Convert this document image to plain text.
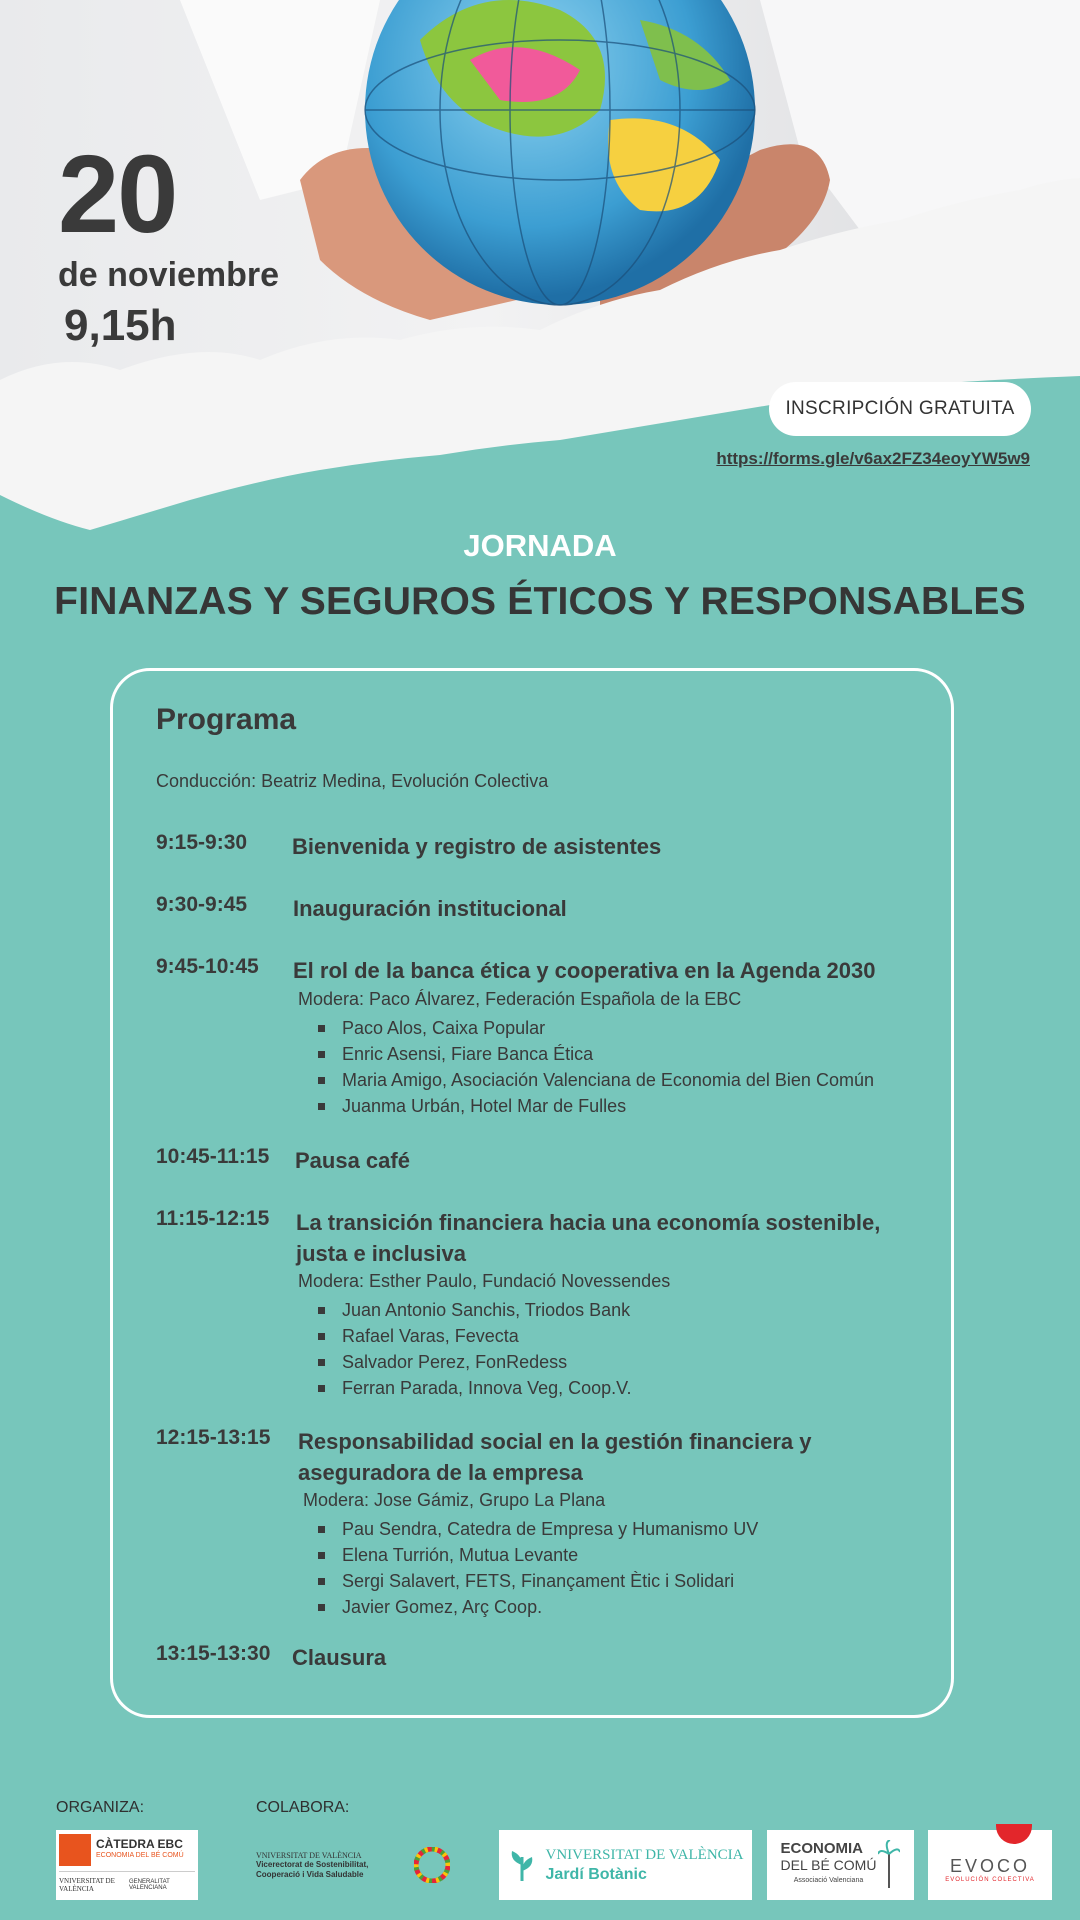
20
de noviembre
9,15h
INSCRIPCIÓN GRATUITA
https://forms.gle/v6ax2FZ34eoyYW5w9
JORNADA
FINANZAS Y SEGUROS ÉTICOS Y RESPONSABLES
Programa
Conducción: Beatriz Medina, Evolución Colectiva
9:15-9:30 Bienvenida y registro de asistentes
9:30-9:45 Inauguración institucional
9:45-10:45 El rol de la banca ética y cooperativa en la Agenda 2030
Modera: Paco Álvarez, Federación Española de la EBC
Paco Alos, Caixa Popular
Enric Asensi, Fiare Banca Ética
Maria Amigo, Asociación Valenciana de Economia del Bien Común
Juanma Urbán, Hotel Mar de Fulles
10:45-11:15 Pausa café
11:15-12:15 La transición financiera hacia una economía sostenible, justa e inclusiva
Modera: Esther Paulo, Fundació Novessendes
Juan Antonio Sanchis, Triodos Bank
Rafael Varas, Fevecta
Salvador Perez, FonRedess
Ferran Parada, Innova Veg, Coop.V.
12:15-13:15 Responsabilidad social en la gestión financiera y aseguradora de la empresa
Modera: Jose Gámiz, Grupo La Plana
Pau Sendra, Catedra de Empresa y Humanismo UV
Elena Turrión, Mutua Levante
Sergi Salavert, FETS, Finançament Ètic i Solidari
Javier Gomez, Arç Coop.
13:15-13:30 Clausura
ORGANIZA:	COLABORA:
CÀTEDRA EBC
ECONOMIA DEL BÉ COMÚ
VNIVERSITAT DE VALÈNCIA
GENERALITAT VALENCIANA
VNIVERSITAT DE VALÈNCIA
Vicerectorat de Sostenibilitat, Cooperació i Vida Saludable
VNIVERSITAT DE VALÈNCIA
Jardí Botànic
ECONOMIA
DEL BÉ COMÚ
Associació Valenciana
EVOCO
EVOLUCIÓN COLECTIVA
